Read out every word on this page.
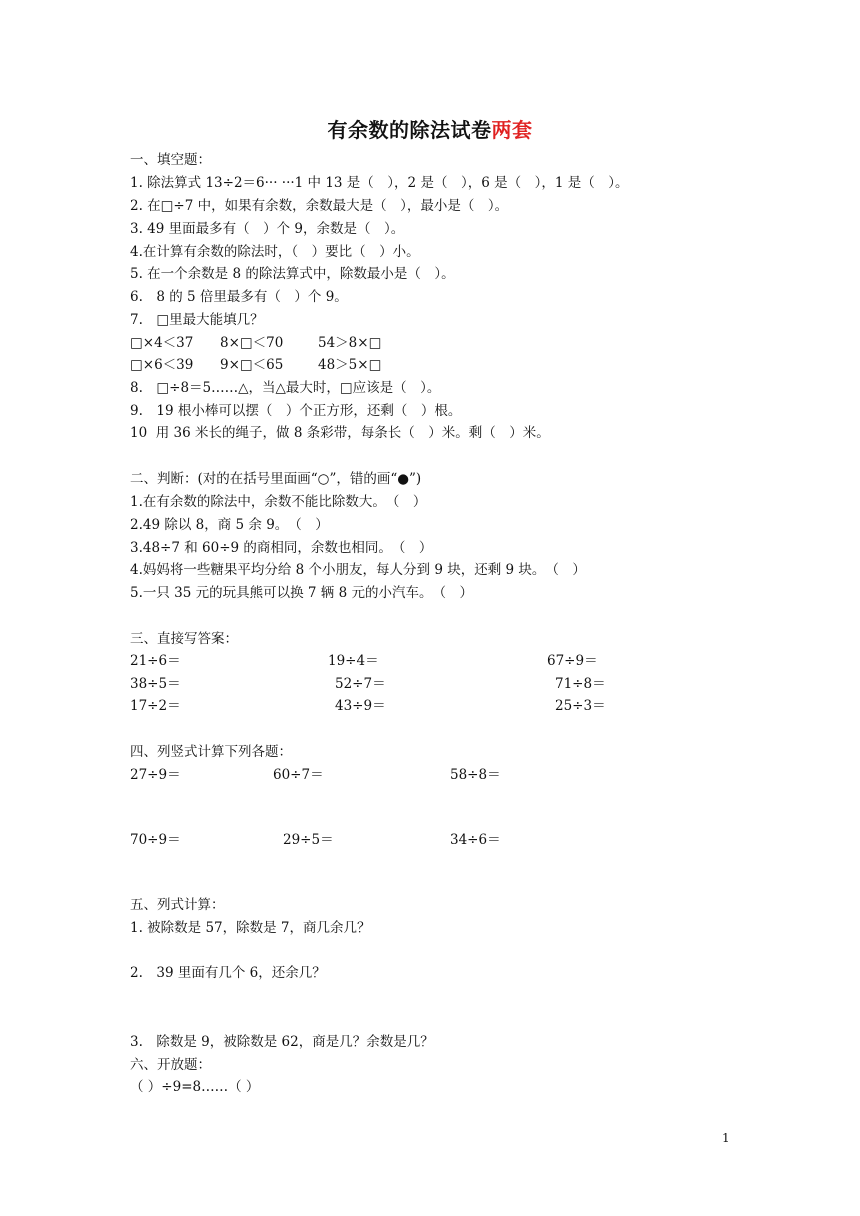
有余数的除法试卷两套
一、填空题：
1. 除法算式 13÷2＝6··· ···1 中 13 是（　），2 是（　），6 是（　），1 是（　）。
2. 在□÷7 中，如果有余数，余数最大是（　），最小是（　）。
3. 49 里面最多有（　）个 9，余数是（　）。
4.在计算有余数的除法时，（　）要比（　）小。
5. 在一个余数是 8 的除法算式中，除数最小是（　）。
6.　8 的 5 倍里最多有（　）个 9。
7.　□里最大能填几？
□×4＜37 8×□＜70	54＞8×□
□×6＜39 9×□＜65	48＞5×□
8.　□÷8＝5……△，当△最大时，□应该是（　）。
9.　19 根小棒可以摆（　）个正方形，还剩（　）根。
10  用 36 米长的绳子，做 8 条彩带，每条长（　）米。剩（　）米。
二、判断：(对的在括号里面画“○”，错的画“●”)
1.在有余数的除法中，余数不能比除数大。　（　）
2.49 除以 8，商 5 余 9。　（　）
3.48÷7 和 60÷9 的商相同，余数也相同。　（　）
4.妈妈将一些糖果平均分给 8 个小朋友，每人分到 9 块，还剩 9 块。　（　）
5.一只 35 元的玩具熊可以换 7 辆 8 元的小汽车。　（　）
三、直接写答案：
21÷6＝	19÷4＝	67÷9＝
38÷5＝	52÷7＝	71÷8＝
17÷2＝	43÷9＝	25÷3＝
四、列竖式计算下列各题：
27÷9＝	60÷7＝	58÷8＝
70÷9＝	29÷5＝	34÷6＝
五、列式计算：
1. 被除数是 57，除数是 7，商几余几？
2.　39 里面有几个 6，还余几？
3.　除数是 9，被除数是 62，商是几？余数是几？
六、开放题：
（ ）÷9=8……（ ）
1
